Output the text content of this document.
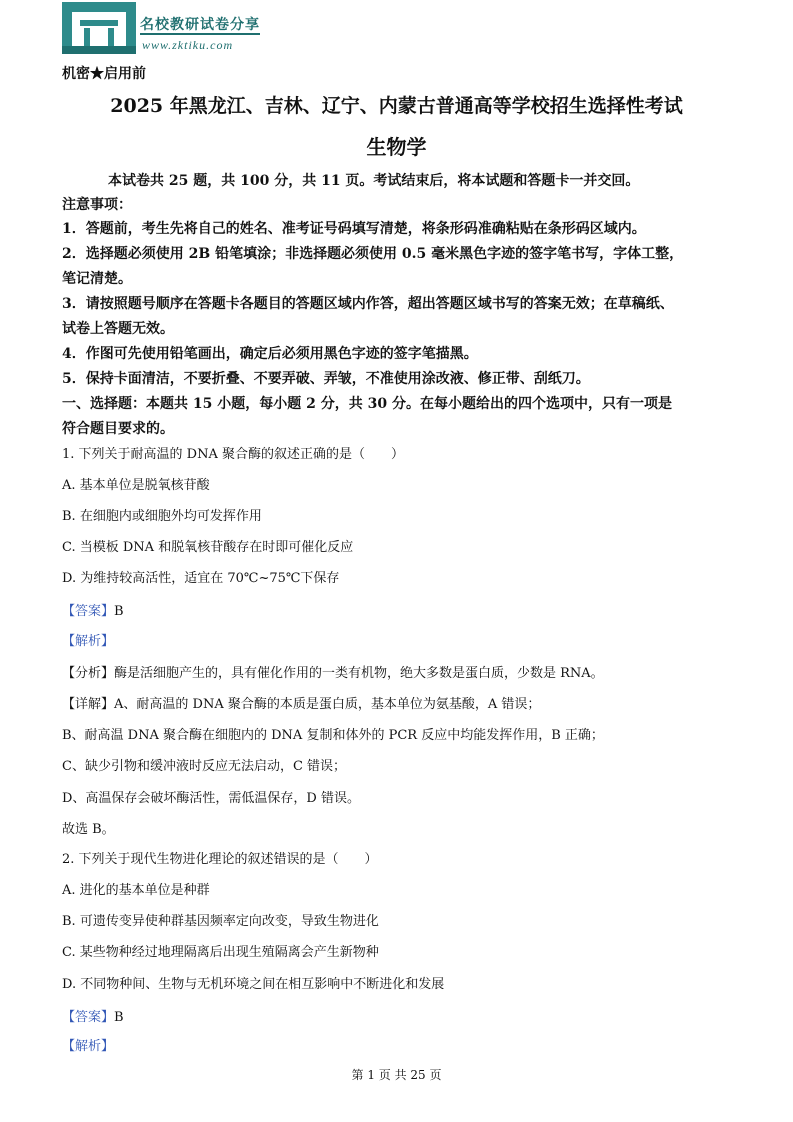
名校教研试卷分享
www.zktiku.com
机密★启用前
2025 年黑龙江、吉林、辽宁、内蒙古普通高等学校招生选择性考试
生物学
本试卷共 25 题，共 100 分，共 11 页。考试结束后，将本试题和答题卡一并交回。
注意事项：
1．答题前，考生先将自己的姓名、准考证号码填写清楚，将条形码准确粘贴在条形码区域内。
2．选择题必须使用 2B 铅笔填涂；非选择题必须使用 0.5 毫米黑色字迹的签字笔书写，字体工整，
笔记清楚。
3．请按照题号顺序在答题卡各题目的答题区域内作答，超出答题区域书写的答案无效；在草稿纸、
试卷上答题无效。
4．作图可先使用铅笔画出，确定后必须用黑色字迹的签字笔描黑。
5．保持卡面清洁，不要折叠、不要弄破、弄皱，不准使用涂改液、修正带、刮纸刀。
一、选择题：本题共 15 小题，每小题 2 分，共 30 分。在每小题给出的四个选项中，只有一项是
符合题目要求的。
1. 下列关于耐高温的 DNA 聚合酶的叙述正确的是（　　）
A. 基本单位是脱氧核苷酸
B. 在细胞内或细胞外均可发挥作用
C. 当模板 DNA 和脱氧核苷酸存在时即可催化反应
D. 为维持较高活性，适宜在 70℃~75℃下保存
【答案】B
【解析】
【分析】酶是活细胞产生的，具有催化作用的一类有机物，绝大多数是蛋白质，少数是 RNA。
【详解】A、耐高温的 DNA 聚合酶的本质是蛋白质，基本单位为氨基酸，A 错误；
B、耐高温 DNA 聚合酶在细胞内的 DNA 复制和体外的 PCR 反应中均能发挥作用，B 正确；
C、缺少引物和缓冲液时反应无法启动，C 错误；
D、高温保存会破坏酶活性，需低温保存，D 错误。
故选 B。
2. 下列关于现代生物进化理论的叙述错误的是（　　）
A. 进化的基本单位是种群
B. 可遗传变异使种群基因频率定向改变，导致生物进化
C. 某些物种经过地理隔离后出现生殖隔离会产生新物种
D. 不同物种间、生物与无机环境之间在相互影响中不断进化和发展
【答案】B
【解析】
第 1 页 共 25 页
